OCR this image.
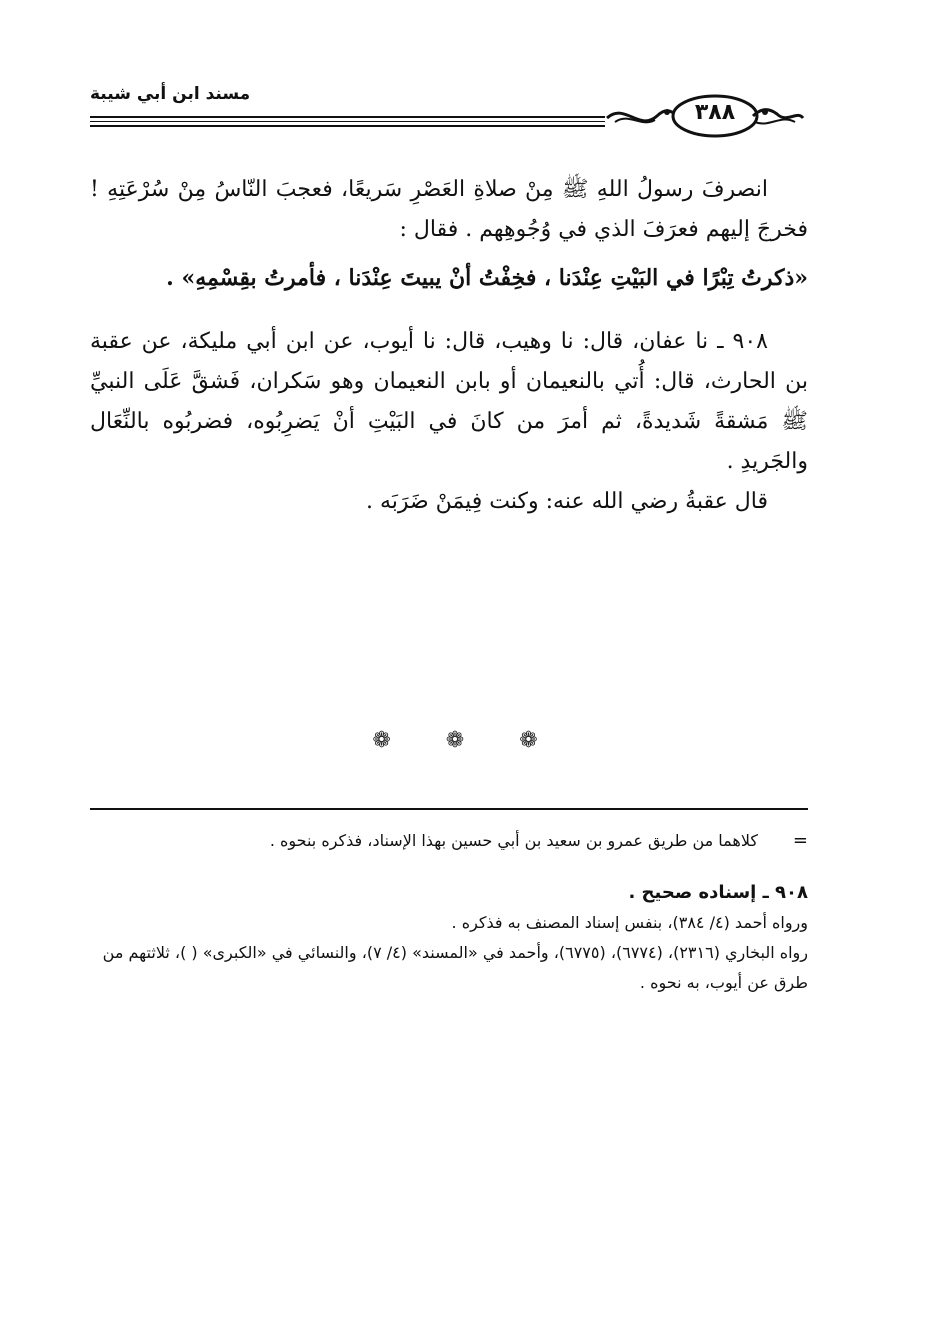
مسند ابن أبي شيبة
٣٨٨

انصرفَ رسولُ اللهِ ﷺ مِنْ صلاةِ العَصْرِ سَريعًا، فعجبَ النّاسُ مِنْ سُرْعَتِهِ ! فخرجَ إليهم فعرَفَ الذي في وُجُوهِهم . فقال :

«ذكرتُ تِبْرًا في البَيْتِ عِنْدَنا ، فخِفْتُ أنْ يبيتَ عِنْدَنا ، فأمرتُ بقِسْمِهِ» .

٩٠٨ ـ نا عفان، قال: نا وهيب، قال: نا أيوب، عن ابن أبي مليكة، عن عقبة بن الحارث، قال: أُتي بالنعيمان أو بابن النعيمان وهو سَكران، فَشقَّ عَلَى النبيِّ ﷺ مَشقةً شَديدةً، ثم أمرَ من كانَ في البَيْتِ أنْ يَضرِبُوه، فضربُوه بالنِّعَال والجَريدِ .

قال عقبةُ رضي الله عنه: وكنت فِيمَنْ ضَرَبَه .

❁ ❁ ❁

=
كلاهما من طريق عمرو بن سعيد بن أبي حسين بهذا الإسناد، فذكره بنحوه .

٩٠٨ ـ إسناده صحيح .

ورواه أحمد (٤/ ٣٨٤)، بنفس إسناد المصنف به فذكره .

رواه البخاري (٢٣١٦)، (٦٧٧٤)، (٦٧٧٥)، وأحمد في «المسند» (٤/ ٧)، والنسائي في «الكبرى» ( )، ثلاثتهم من طرق عن أيوب، به نحوه .
